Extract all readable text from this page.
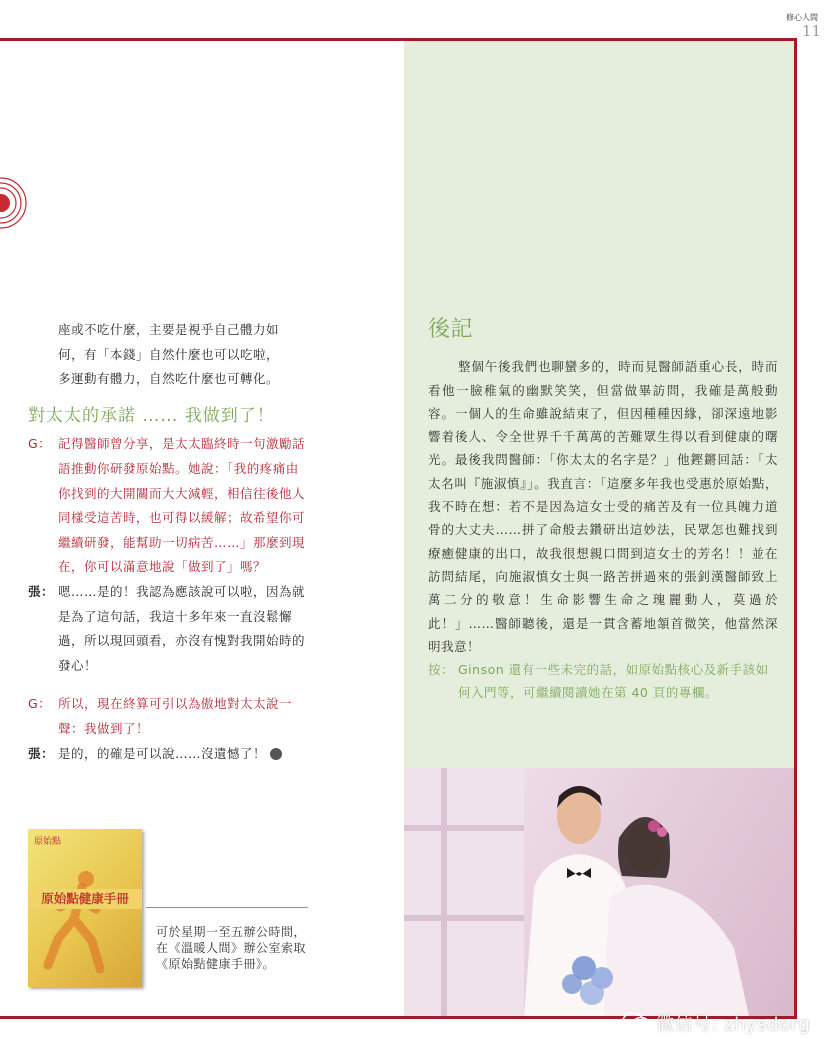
修心人間
11

座或不吃什麼，主要是視乎自己體力如

何，有「本錢」自然什麼也可以吃啦，

多運動有體力，自然吃什麼也可轉化。

對太太的承諾 …… 我做到了！
G： 記得醫師曾分享，是太太臨終時一句激勵話語推動你研發原始點。她說：「我的疼痛由你找到的大開關而大大減輕，相信往後他人同樣受這苦時，也可得以緩解；故希望你可繼續研發，能幫助一切病苦……」那麼到現在，你可以滿意地說「做到了」嗎？
張： 嗯……是的！我認為應該說可以啦，因為就是為了這句話，我這十多年來一直沒鬆懈過，所以現回頭看，亦沒有愧對我開始時的發心！
G： 所以，現在終算可引以為傲地對太太說一聲：我做到了！
張： 是的，的確是可以說……沒遺憾了！
原始點
原始點健康手冊
可於星期一至五辦公時間，在《溫暖人間》辦公室索取《原始點健康手冊》。
後記

整個午後我們也聊蠻多的，時而見醫師語重心長，時而看他一臉稚氣的幽默笑笑，但當做畢訪問，我確是萬般動容。一個人的生命雖說結束了，但因種種因緣，卻深遠地影響着後人、令全世界千千萬萬的苦難眾生得以看到健康的曙光。最後我問醫師：「你太太的名字是？」他鏗鏘回話：「太太名叫『施淑慎』」。我直言：「這麼多年我也受惠於原始點，我不時在想：若不是因為這女士受的痛苦及有一位具魄力道骨的大丈夫……拼了命般去鑽研出這妙法，民眾怎也難找到療癒健康的出口，故我很想親口問到這女士的芳名！！並在訪問結尾，向施淑慎女士與一路苦拼過來的張釗漢醫師致上萬二分的敬意！生命影響生命之瑰麗動人，莫過於此！」……醫師聽後，還是一貫含蓄地頷首微笑，他當然深明我意！

按： Ginson 還有一些未完的話，如原始點核心及新手該如何入門等，可繼續閱讀她在第 40 頁的專欄。
微信号: zhysdorg
